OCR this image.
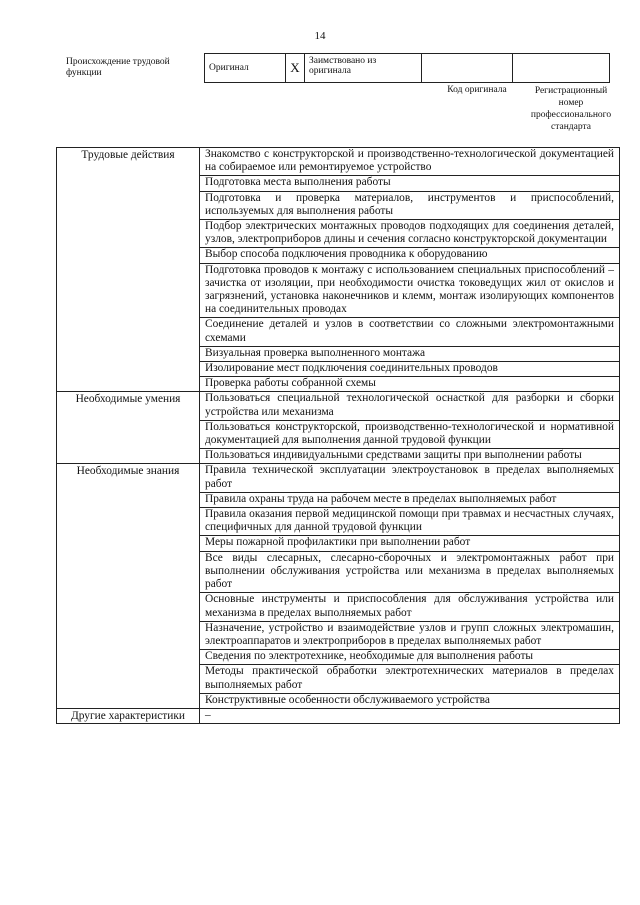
14
Происхождение трудовой функции	Оригинал	X	Заимствовано из оригинала		
Код оригинала	Регистрационный номер профессионального стандарта
Трудовые действия	Знакомство с конструкторской и производственно-технологической документацией на собираемое или ремонтируемое устройство

	Подготовка места выполнения работы

	Подготовка и проверка материалов, инструментов и приспособлений, используемых для выполнения работы

	Подбор электрических монтажных проводов подходящих для соединения деталей, узлов, электроприборов длины и сечения согласно конструкторской документации

	Выбор способа подключения проводника к оборудованию

	Подготовка проводов к монтажу с использованием специальных приспособлений – зачистка от изоляции, при необходимости очистка токоведущих жил от окислов и загрязнений, установка наконечников и клемм, монтаж изолирующих компонентов на соединительных проводах

	Соединение деталей и узлов в соответствии со сложными электромонтажными схемами

	Визуальная проверка выполненного монтажа

	Изолирование мест подключения соединительных проводов

	Проверка работы собранной схемы

Необходимые умения	Пользоваться специальной технологической оснасткой для разборки и сборки устройства или механизма

	Пользоваться конструкторской, производственно-технологической и нормативной документацией для выполнения данной трудовой функции

	Пользоваться индивидуальными средствами защиты при выполнении работы

Необходимые знания	Правила технической эксплуатации электроустановок в пределах выполняемых работ

	Правила охраны труда на рабочем месте в пределах выполняемых работ

	Правила оказания первой медицинской помощи при травмах и несчастных случаях, специфичных для данной трудовой функции

	Меры пожарной профилактики при выполнении работ

	Все виды слесарных, слесарно-сборочных и электромонтажных работ при выполнении обслуживания устройства или механизма в пределах выполняемых работ

	Основные инструменты и приспособления для обслуживания устройства или механизма в пределах выполняемых работ

	Назначение, устройство и взаимодействие узлов и групп сложных электромашин, электроаппаратов и электроприборов в пределах выполняемых работ

	Сведения по электротехнике, необходимые для выполнения работы

	Методы практической обработки электротехнических материалов в пределах выполняемых работ

	Конструктивные особенности обслуживаемого устройства

Другие характеристики	–
